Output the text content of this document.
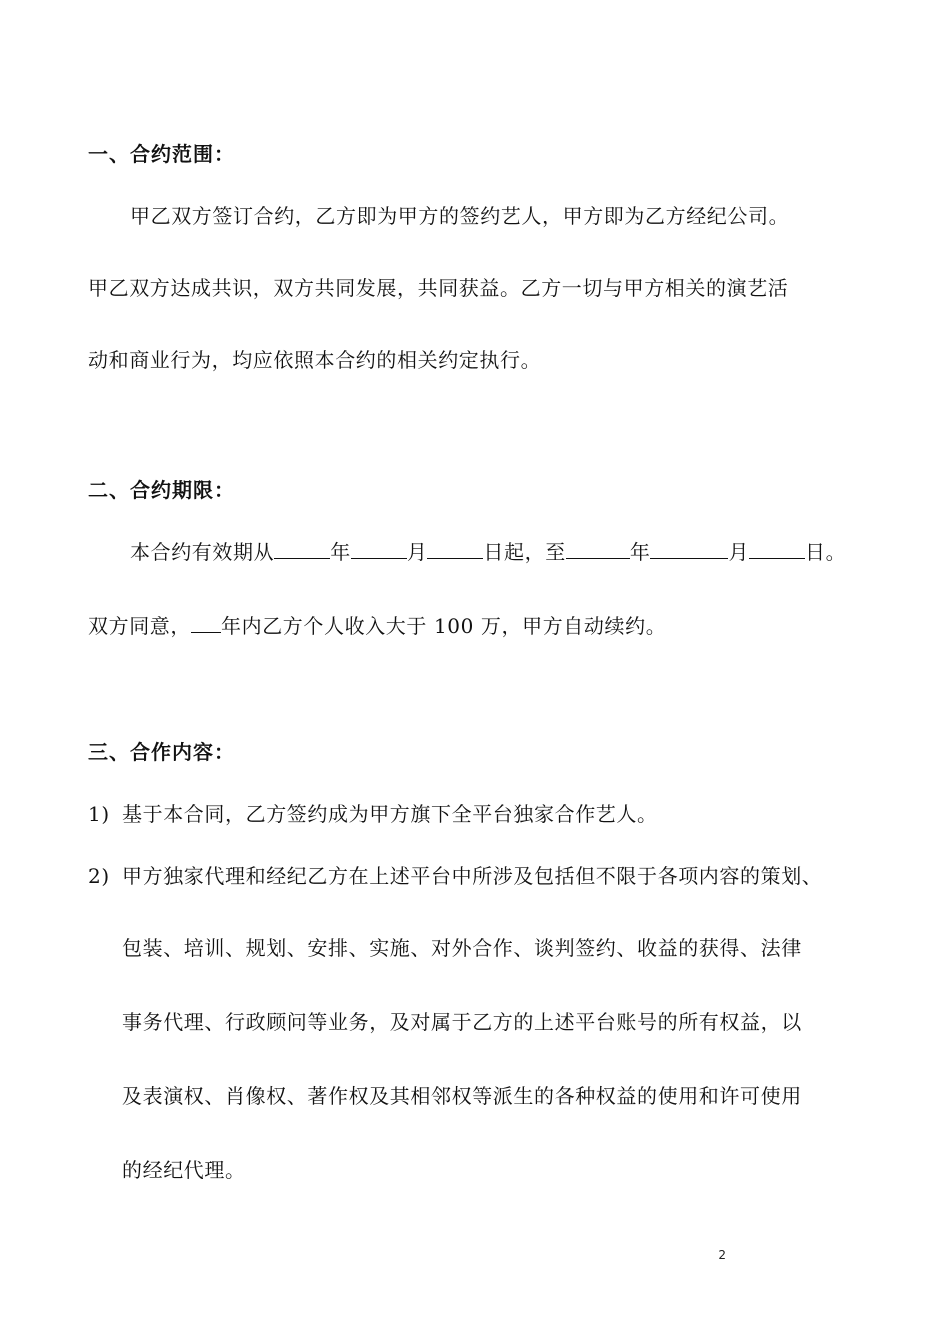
一、合约范围：
甲乙双方签订合约，乙方即为甲方的签约艺人，甲方即为乙方经纪公司。
甲乙双方达成共识，双方共同发展，共同获益。乙方一切与甲方相关的演艺活
动和商业行为，均应依照本合约的相关约定执行。
二、合约期限：
本合约有效期从	年	月	日起，至	年	月	日。
双方同意， 年内乙方个人收入大于 100 万，甲方自动续约。
三、合作内容：
1) 基于本合同，乙方签约成为甲方旗下全平台独家合作艺人。
2) 甲方独家代理和经纪乙方在上述平台中所涉及包括但不限于各项内容的策划、
包装、培训、规划、安排、实施、对外合作、谈判签约、收益的获得、法律
事务代理、行政顾问等业务，及对属于乙方的上述平台账号的所有权益，以
及表演权、肖像权、著作权及其相邻权等派生的各种权益的使用和许可使用
的经纪代理。
2
